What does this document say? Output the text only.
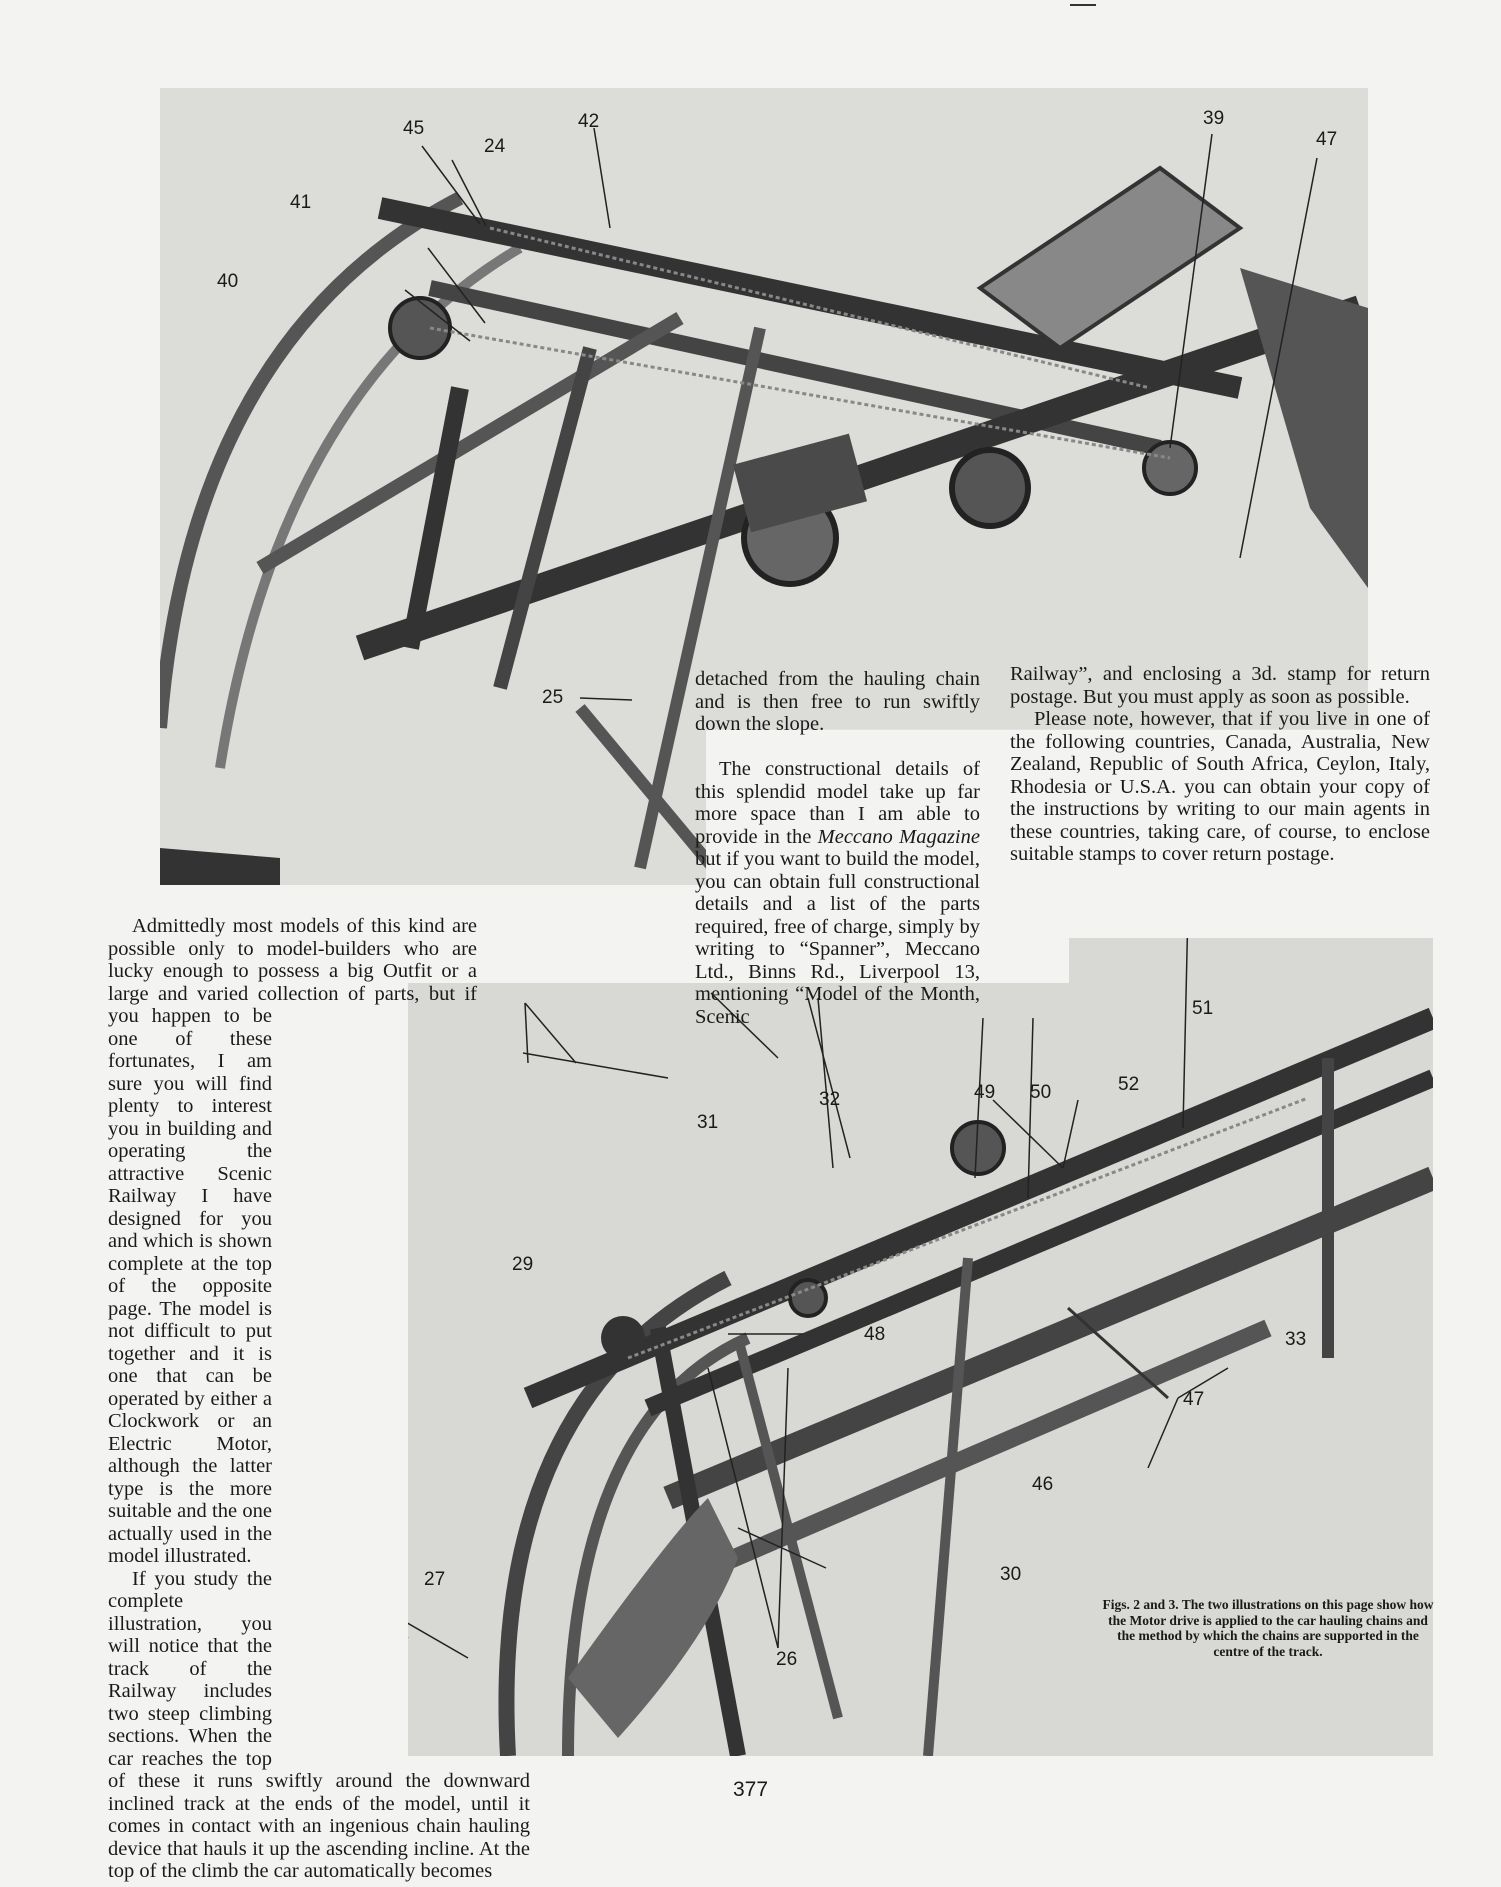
45	42
24
41
40
39
47
25
51
32	49 50	52
31
29
48	33
47
46
27	30
26

Admittedly most models of this kind are possible only to model-builders who are lucky enough to possess a big Outfit or a large and varied collection of parts, but if you happen to be one of these fortunates, I am sure you will find plenty to interest you in building and operating the attractive Scenic Railway I have designed for you and which is shown complete at the top of the opposite page. The model is not difficult to put together and it is one that can be operated by either a Clockwork or an Electric Motor, although the latter type is the more suitable and the one actually used in the model illustrated.

If you study the complete illustration, you will notice that the track of the Railway includes two steep climbing sections. When the car reaches the top of these it runs swiftly around the downward inclined track at the ends of the model, until it comes in contact with an ingenious chain hauling device that hauls it up the ascending incline. At the top of the climb the car automatically becomes

detached from the hauling chain and is then free to run swiftly down the slope.

The constructional details of this splendid model take up far more space than I am able to provide in the Meccano Magazine but if you want to build the model, you can obtain full constructional details and a list of the parts required, free of charge, simply by writing to “Spanner”, Meccano Ltd., Binns Rd., Liverpool 13, mentioning “Model of the Month, Scenic

Railway”, and enclosing a 3d. stamp for return postage. But you must apply as soon as possible.

Please note, however, that if you live in one of the following countries, Canada, Australia, New Zealand, Republic of South Africa, Ceylon, Italy, Rhodesia or U.S.A. you can obtain your copy of the instructions by writing to our main agents in these countries, taking care, of course, to enclose suitable stamps to cover return postage.

Figs. 2 and 3. The two illustrations on this page show how the Motor drive is applied to the car hauling chains and the method by which the chains are supported in the centre of the track.
377
